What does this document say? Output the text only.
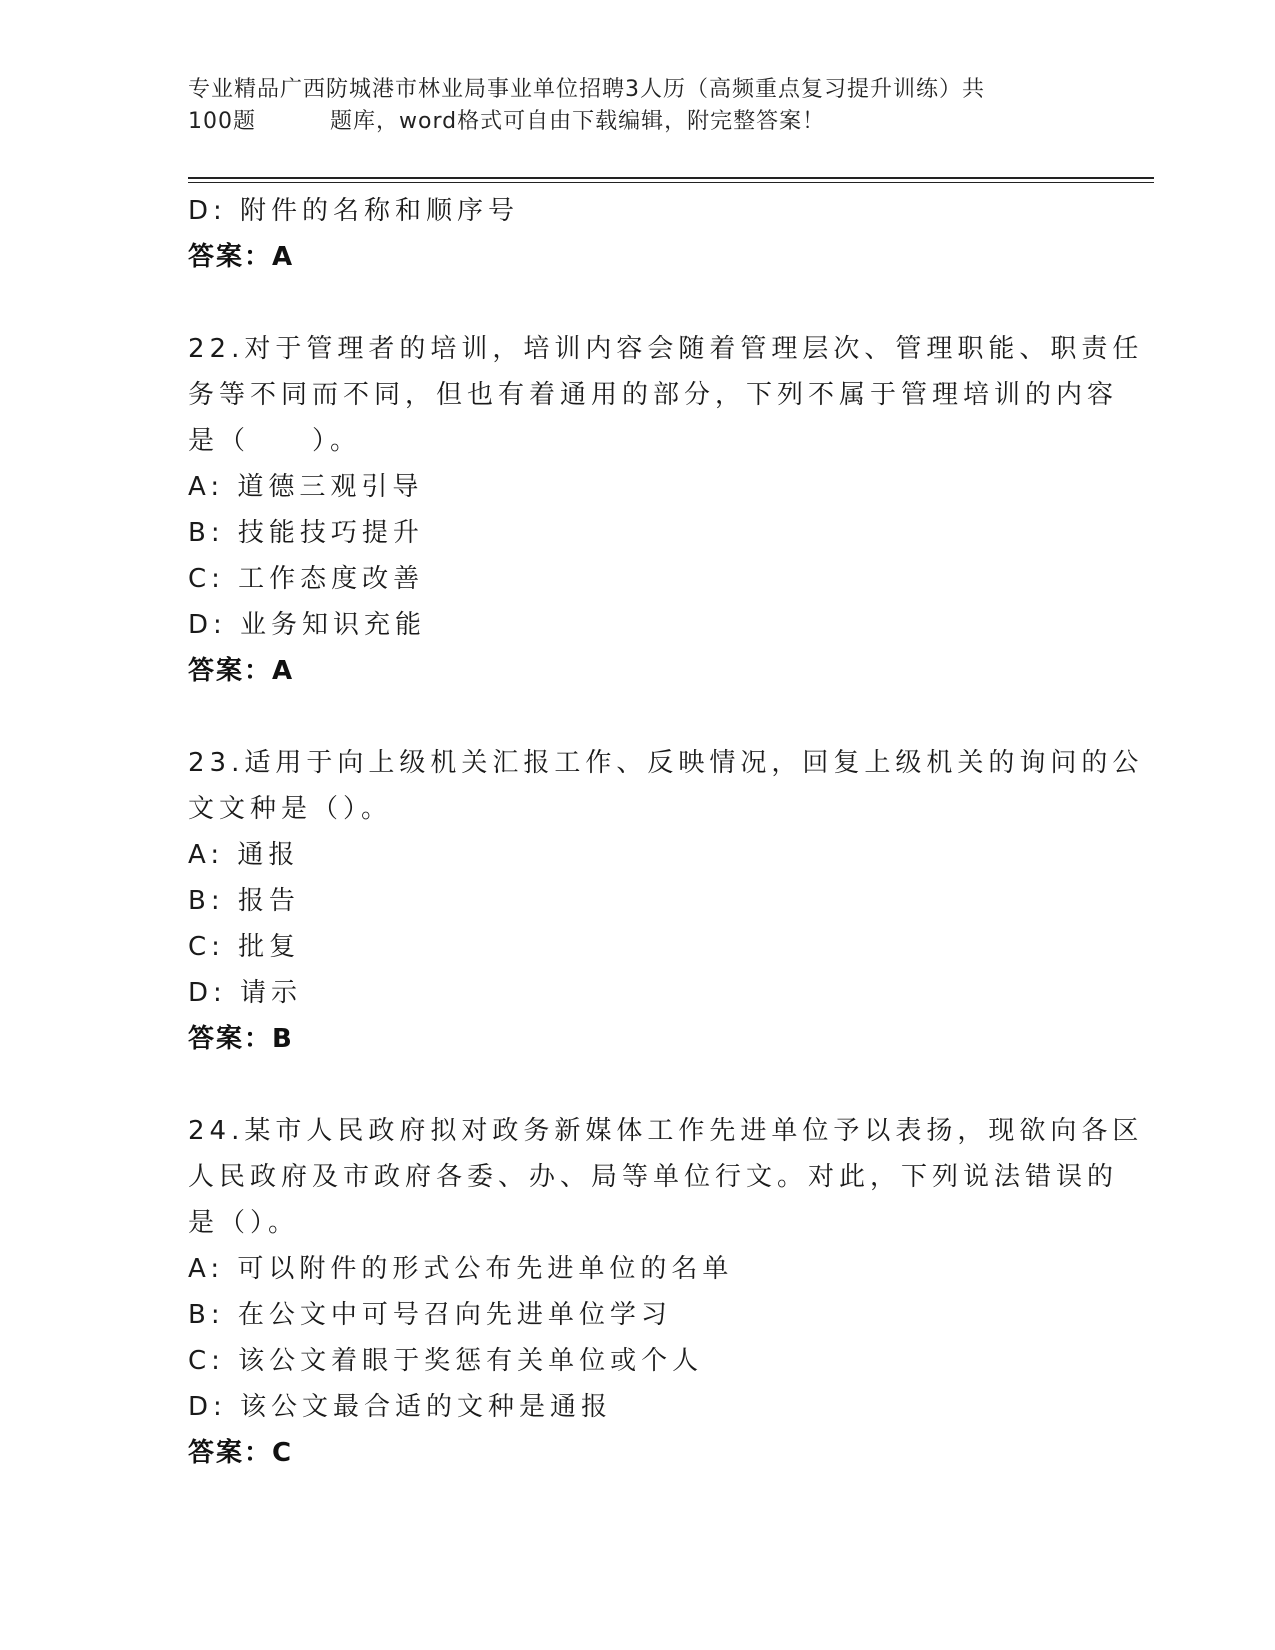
专业精品广西防城港市林业局事业单位招聘3人历（高频重点复习提升训练）共
100题	题库，word格式可自由下载编辑，附完整答案！
D: 附件的名称和顺序号
答案：A
22.对于管理者的培训，培训内容会随着管理层次、管理职能、职责任
务等不同而不同，但也有着通用的部分，下列不属于管理培训的内容
是（　　）。
A: 道德三观引导
B: 技能技巧提升
C: 工作态度改善
D: 业务知识充能
答案：A
23.适用于向上级机关汇报工作、反映情况，回复上级机关的询问的公
文文种是（）。
A: 通报
B: 报告
C: 批复
D: 请示
答案：B
24.某市人民政府拟对政务新媒体工作先进单位予以表扬，现欲向各区
人民政府及市政府各委、办、局等单位行文。对此，下列说法错误的
是（）。
A: 可以附件的形式公布先进单位的名单
B: 在公文中可号召向先进单位学习
C: 该公文着眼于奖惩有关单位或个人
D: 该公文最合适的文种是通报
答案：C
